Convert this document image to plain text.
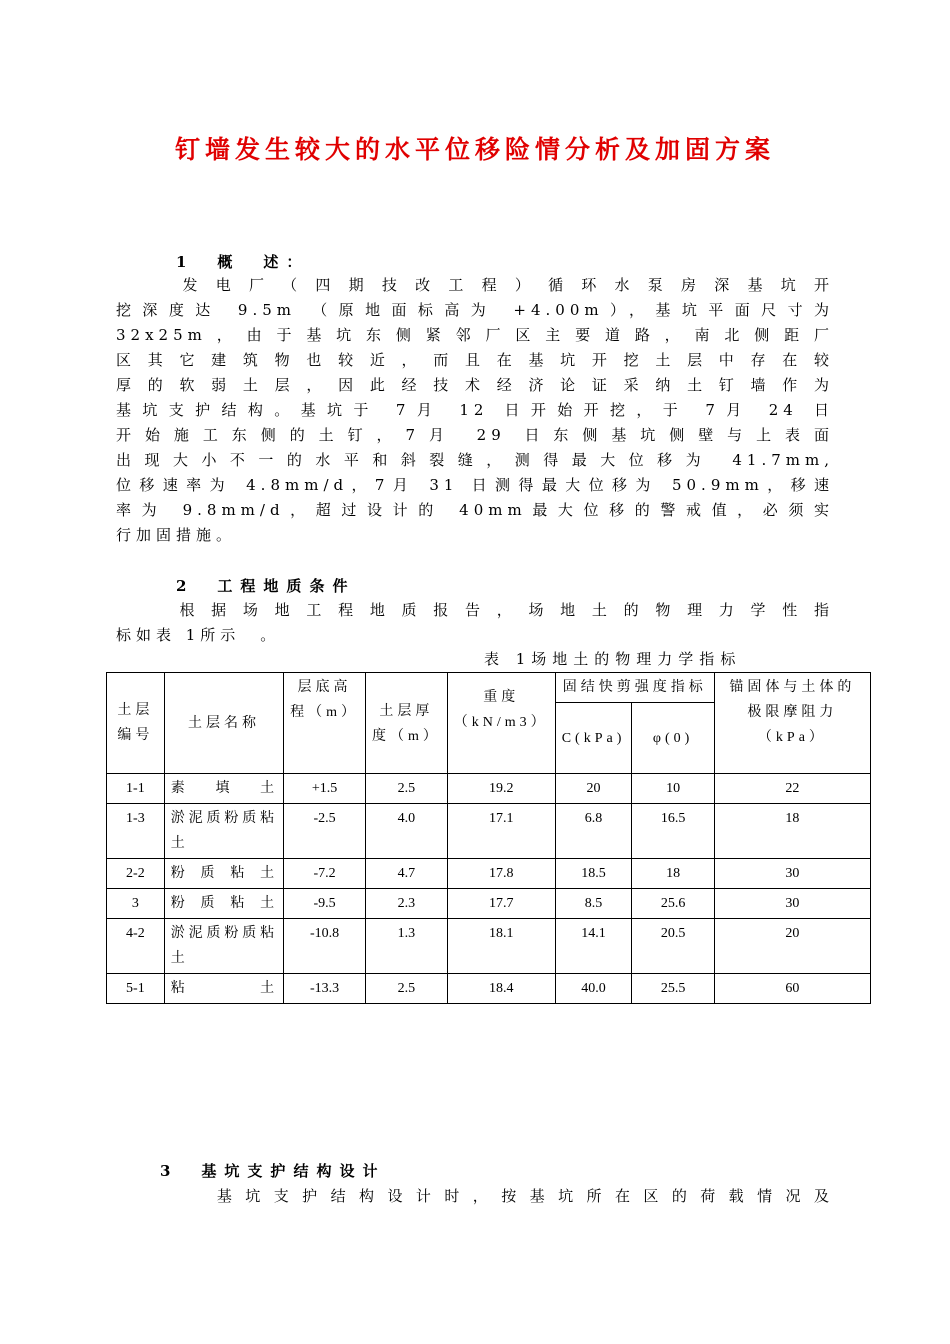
钉墙发生较大的水平位移险情分析及加固方案
1　概　述：
　　发电厂（四期技改工程）循环水泵房深基坑开
挖深度达 9.5m （原地面标高为 +4.00m），基坑平面尺寸为
32x25m，由于基坑东侧紧邻厂区主要道路，南北侧距厂
区其它建筑物也较近，而且在基坑开挖土层中存在较
厚的软弱土层，因此经技术经济论证采纳土钉墙作为
基坑支护结构。基坑于 7月 12 日开始开挖，于 7月 24 日
开始施工东侧的土钉，7月 29 日东侧基坑侧壁与上表面
出现大小不一的水平和斜裂缝，测得最大位移为 41.7mm,
位移速率为 4.8mm/d，7月 31 日测得最大位移为 50.9mm，移速
率为 9.8mm/d，超过设计的 40mm最大位移的警戒值，必须实
行加固措施。
2　工程地质条件
　　根据场地工程地质报告，场地土的物理力学性指
标如表 1所示　。
表 1场地土的物理力学指标
土层编号	土层名称	层底高程（m）	土层厚度（m）	重度（kN/m3）	固结快剪强度指标		锚固体与土体的极限摩阻力（kPa）
					C(kPa)	φ(0)	
1-1	素填土	+1.5	2.5	19.2	20	10	22
1-3	淤泥质粉质粘土	-2.5	4.0	17.1	6.8	16.5	18
2-2	粉质粘土	-7.2	4.7	17.8	18.5	18	30
3	粉质粘土	-9.5	2.3	17.7	8.5	25.6	30
4-2	淤泥质粉质粘土	-10.8	1.3	18.1	14.1	20.5	20
5-1	粘土	-13.3	2.5	18.4	40.0	25.5	60
3　基坑支护结构设计
　　基坑支护结构设计时，按基坑所在区的荷载情况及
